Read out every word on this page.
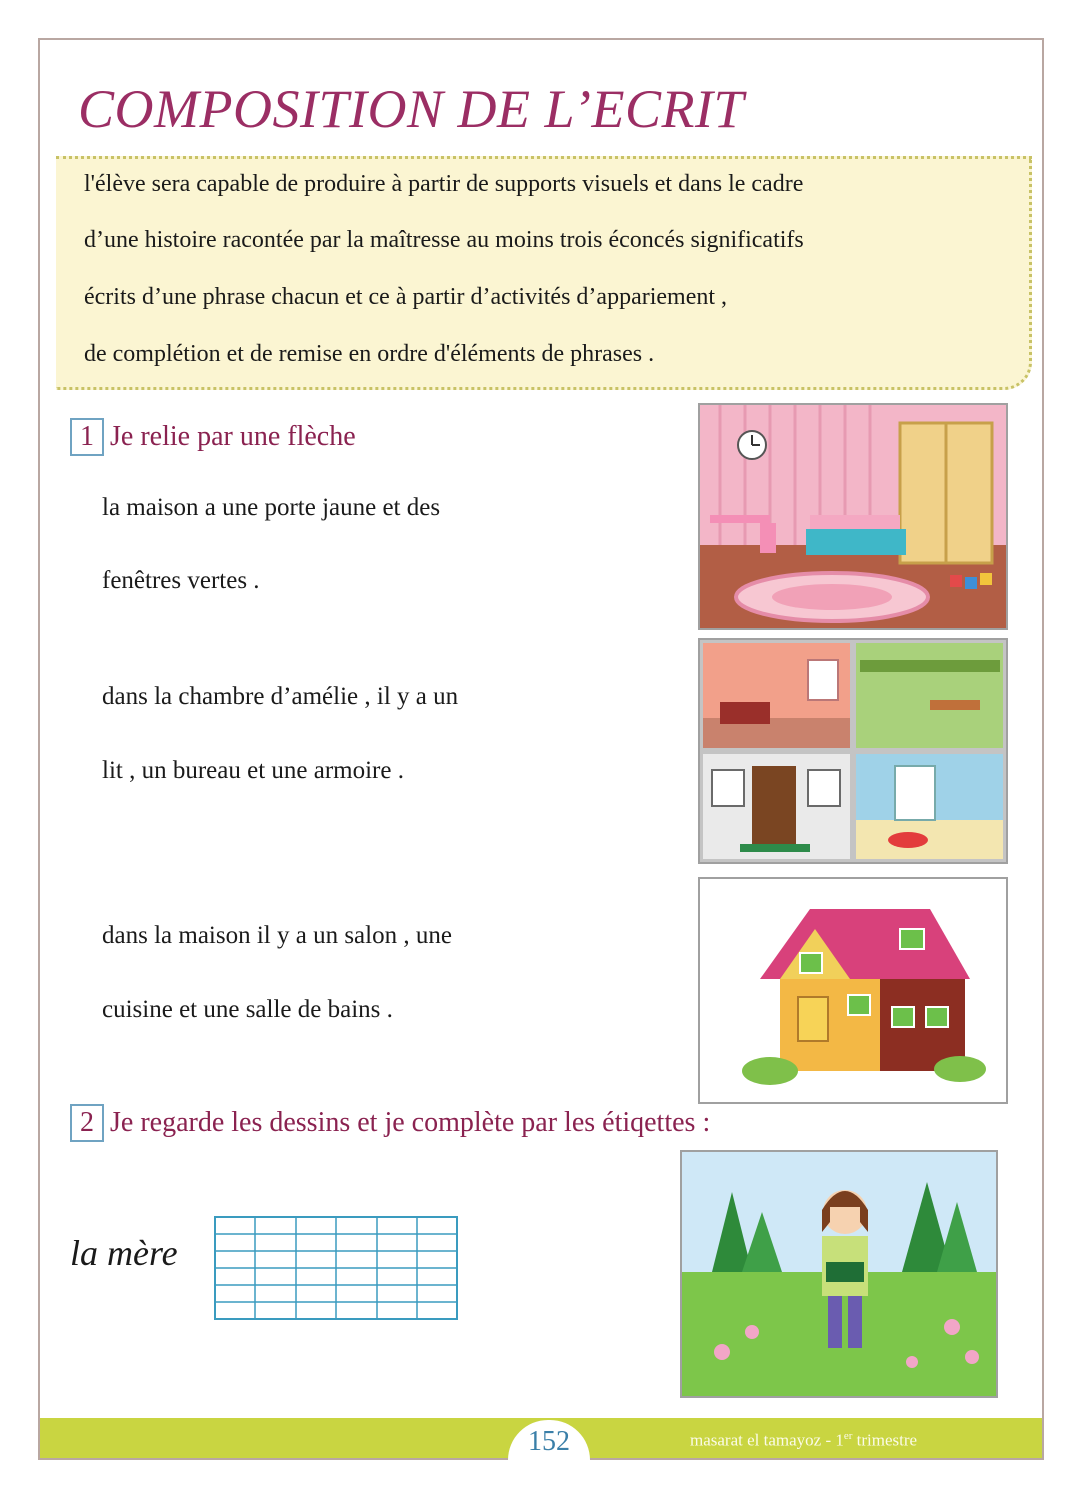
COMPOSITION DE L’ECRIT

l'élève sera capable de produire à partir de supports visuels et dans le cadre

d’une histoire racontée par la maîtresse au moins trois éconcés significatifs

écrits d’une phrase chacun et ce à partir d’activités d’appariement ,

de complétion et de remise en ordre d'éléments de phrases .

1 Je relie par une flèche
la maison a une porte jaune et des
fenêtres vertes .
dans la chambre d’amélie , il y a un
lit , un bureau et une armoire .
dans la maison il y a un salon , une
cuisine et une salle de bains .
2 Je regarde les dessins et je complète par les étiqettes :
la mère
152	masarat el tamayoz - 1er trimestre
